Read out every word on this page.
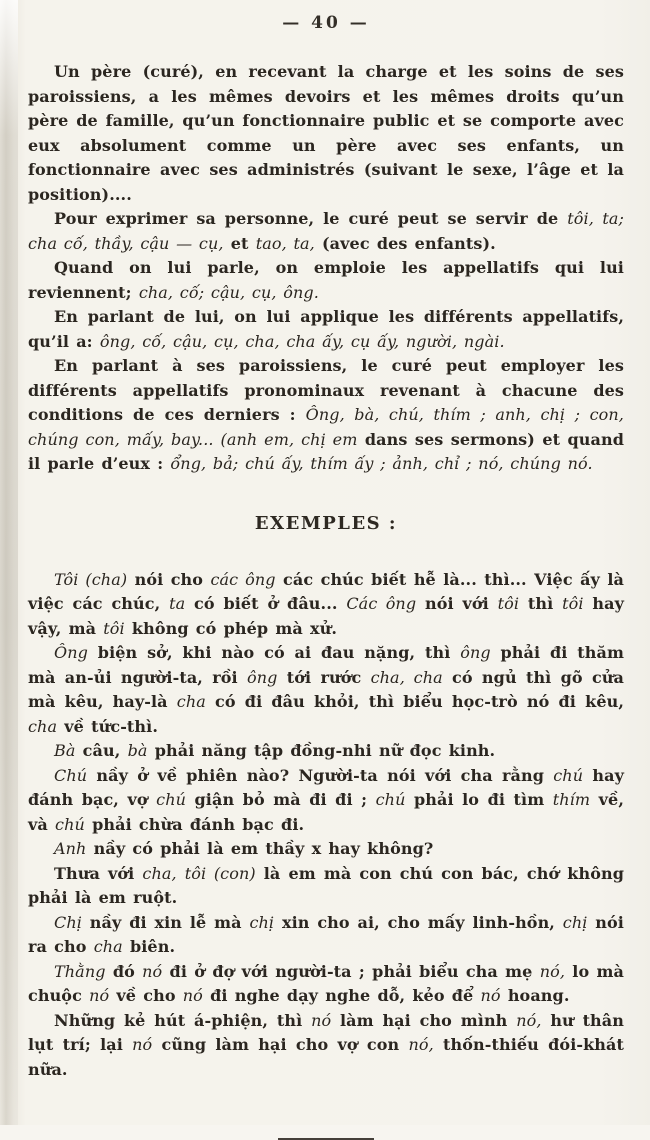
— 40 —

Un père (curé), en recevant la charge et les soins de ses paroissiens, a les mêmes devoirs et les mêmes droits qu’un père de famille, qu’un fonctionnaire public et se comporte avec eux absolument comme un père avec ses enfants, un fonctionnaire avec ses administrés (suivant le sexe, l’âge et la position)....

Pour exprimer sa personne, le curé peut se servir de tôi, ta; cha cố, thầy, cậu — cụ, et tao, ta, (avec des enfants).

Quand on lui parle, on emploie les appellatifs qui lui reviennent; cha, cố; cậu, cụ, ông.

En parlant de lui, on lui applique les différents appellatifs, qu’il a: ông, cố, cậu, cụ, cha, cha ấy, cụ ấy, người, ngài.

En parlant à ses paroissiens, le curé peut employer les différents appellatifs pronominaux revenant à chacune des conditions de ces derniers : Ông, bà, chú, thím ; anh, chị ; con, chúng con, mấy, bay... (anh em, chị em dans ses sermons) et quand il parle d’eux : ổng, bả; chú ấy, thím ấy ; ảnh, chỉ ; nó, chúng nó.

EXEMPLES :

Tôi (cha) nói cho các ông các chúc biết hễ là... thì... Việc ấy là việc các chúc, ta có biết ở đâu... Các ông nói với tôi thì tôi hay vậy, mà tôi không có phép mà xử.

Ông biện sở, khi nào có ai đau nặng, thì ông phải đi thăm mà an-ủi người-ta, rồi ông tới rước cha, cha có ngủ thì gõ cửa mà kêu, hay-là cha có đi đâu khỏi, thì biểu học-trò nó đi kêu, cha về tức-thì.

Bà câu, bà phải năng tập đồng-nhi nữ đọc kinh.

Chú nầy ở về phiên nào? Người-ta nói với cha rằng chú hay đánh bạc, vợ chú giận bỏ mà đi đi ; chú phải lo đi tìm thím về, và chú phải chừa đánh bạc đi.

Anh nầy có phải là em thầy x hay không?

Thưa với cha, tôi (con) là em mà con chú con bác, chớ không phải là em ruột.

Chị nầy đi xin lễ mà chị xin cho ai, cho mấy linh-hồn, chị nói ra cho cha biên.

Thằng đó nó đi ở đợ với người-ta ; phải biểu cha mẹ nó, lo mà chuộc nó về cho nó đi nghe dạy nghe dỗ, kẻo để nó hoang.

Những kẻ hút á-phiện, thì nó làm hại cho mình nó, hư thân lụt trí; lại nó cũng làm hại cho vợ con nó, thốn-thiếu đói-khát nữa.
